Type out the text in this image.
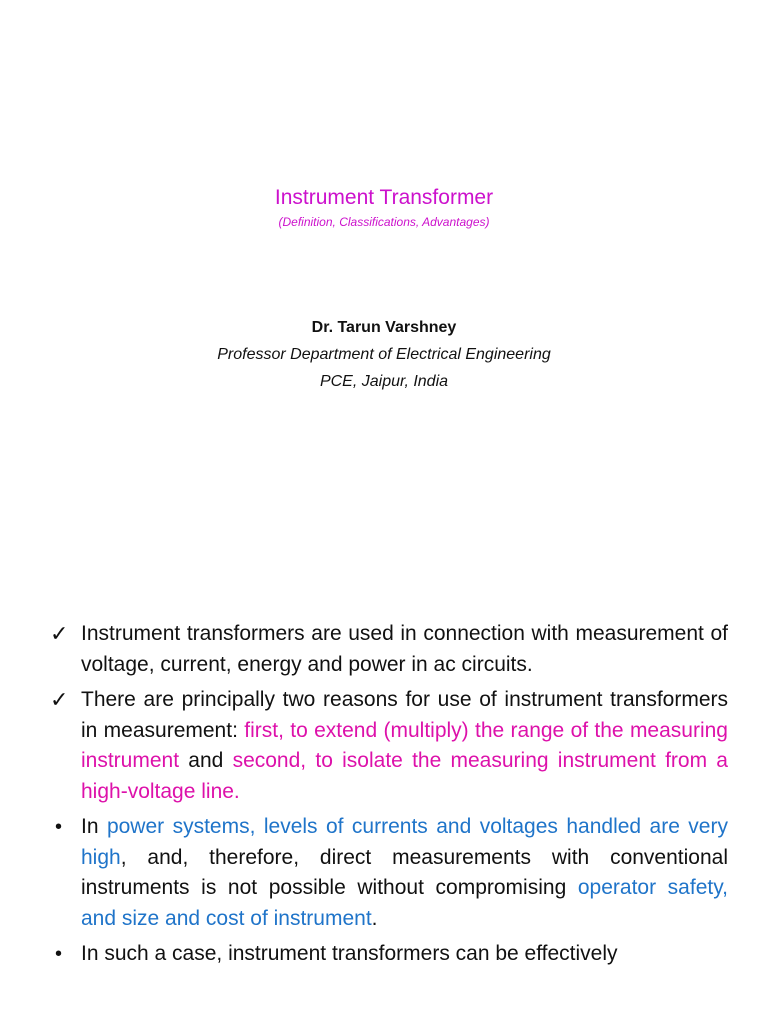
Instrument Transformer
(Definition, Classifications, Advantages)
Dr. Tarun Varshney
Professor Department of Electrical Engineering
PCE, Jaipur, India
✓ Instrument transformers are used in connection with measurement of voltage, current, energy and power in ac circuits.
✓ There are principally two reasons for use of instrument transformers in measurement: first, to extend (multiply) the range of the measuring instrument and second, to isolate the measuring instrument from a high-voltage line.
• In power systems, levels of currents and voltages handled are very high, and, therefore, direct measurements with conventional instruments is not possible without compromising operator safety, and size and cost of instrument.
• In such a case, instrument transformers can be effectively
